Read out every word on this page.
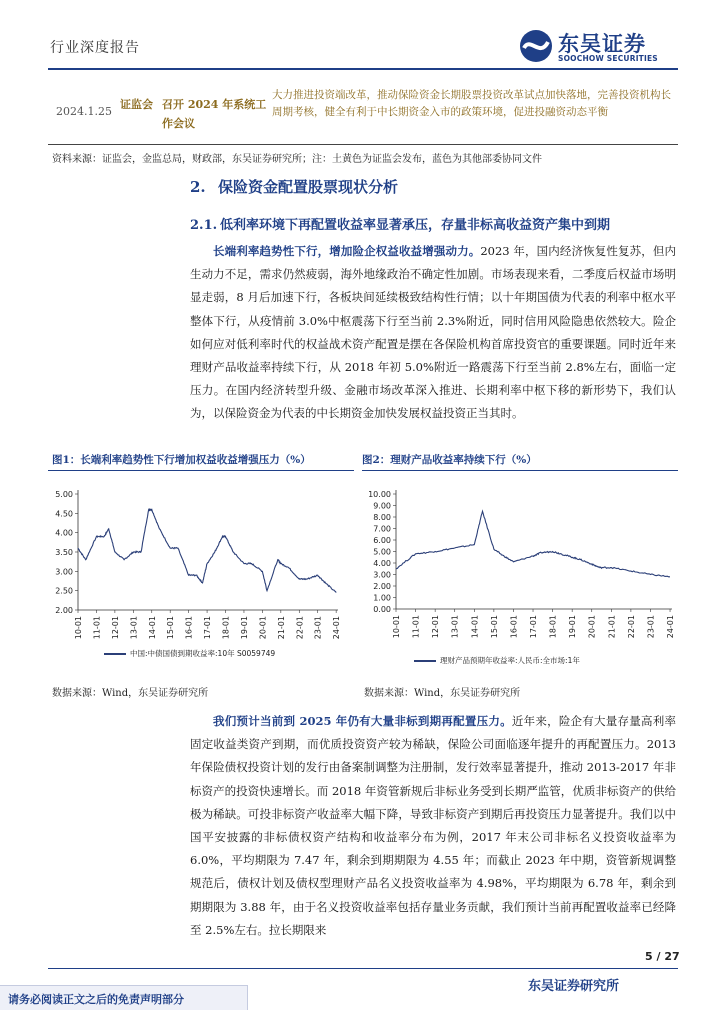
行业深度报告	东吴证券
SOOCHOW SECURITIES
2024.1.25
证监会 召开 2024 年系统工作会议
大力推进投资端改革，推动保险资金长期股票投资改革试点加快落地，完善投资机构长周期考核，健全有利于中长期资金入市的政策环境，促进投融资动态平衡
资料来源：证监会，金监总局，财政部，东吴证券研究所；注：土黄色为证监会发布，蓝色为其他部委协同文件
2. 保险资金配置股票现状分析
2.1. 低利率环境下再配置收益率显著承压，存量非标高收益资产集中到期

长端利率趋势性下行，增加险企权益收益增强动力。2023 年，国内经济恢复性复苏，但内生动力不足，需求仍然疲弱，海外地缘政治不确定性加剧。市场表现来看，二季度后权益市场明显走弱，8 月后加速下行，各板块间延续极致结构性行情；以十年期国债为代表的利率中枢水平整体下行，从疫情前 3.0%中枢震荡下行至当前 2.3%附近，同时信用风险隐患依然较大。险企如何应对低利率时代的权益战术资产配置是摆在各保险机构首席投资官的重要课题。同时近年来理财产品收益率持续下行，从 2018 年初 5.0%附近一路震荡下行至当前 2.8%左右，面临一定压力。在国内经济转型升级、金融市场改革深入推进、长期利率中枢下移的新形势下，我们认为，以保险资金为代表的中长期资金加快发展权益投资正当其时。

图1：长端利率趋势性下行增加权益收益增强压力（%）	图2：理财产品收益率持续下行（%）
5.00
4.50
4.00
3.50
3.00
2.50
2.00
10-01 11-01 12-01 13-01 14-01 15-01 16-01 17-01 18-01 19-01 20-01 21-01 22-01 23-01 24-01
中国:中债国债到期收益率:10年 S0059749
10.00
9.00
8.00
7.00
6.00
5.00
4.00
3.00
2.00
1.00
0.00
10-01 11-01 12-01 13-01 14-01 15-01 16-01 17-01 18-01 19-01 20-01 21-01 22-01 23-01 24-01
理财产品预期年收益率:人民币:全市场:1年
数据来源：Wind，东吴证券研究所	数据来源：Wind，东吴证券研究所

我们预计当前到 2025 年仍有大量非标到期再配置压力。近年来，险企有大量存量高利率固定收益类资产到期，而优质投资资产较为稀缺，保险公司面临逐年提升的再配置压力。2013 年保险债权投资计划的发行由备案制调整为注册制，发行效率显著提升，推动 2013-2017 年非标资产的投资快速增长。而 2018 年资管新规后非标业务受到长期严监管，优质非标资产的供给极为稀缺。可投非标资产收益率大幅下降，导致非标资产到期后再投资压力显著提升。我们以中国平安披露的非标债权资产结构和收益率分布为例，2017 年末公司非标名义投资收益率为 6.0%，平均期限为 7.47 年，剩余到期期限为 4.55 年；而截止 2023 年中期，资管新规调整规范后，债权计划及债权型理财产品名义投资收益率为 4.98%，平均期限为 6.78 年，剩余到期期限为 3.88 年，由于名义投资收益率包括存量业务贡献，我们预计当前再配置收益率已经降至 2.5%左右。拉长期限来

5 / 27
东吴证券研究所
请务必阅读正文之后的免责声明部分
